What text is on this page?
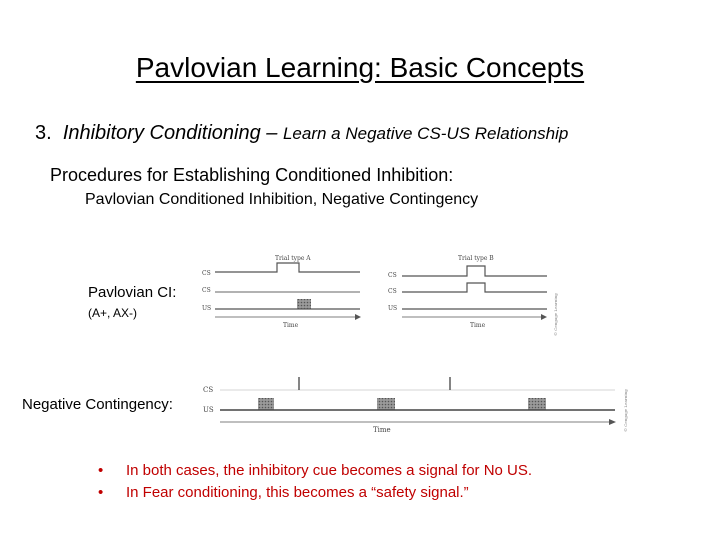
Pavlovian Learning: Basic Concepts
3. Inhibitory Conditioning – Learn a Negative CS-US Relationship
Procedures for Establishing Conditioned Inhibition:
Pavlovian Conditioned Inhibition, Negative Contingency
Pavlovian CI:
(A+, AX-)
Trial type A
CS
CS
US
Time
Trial type B
CS
CS
US
Time	© Cengage Learning
Negative Contingency:
CS
US
Time	© Cengage Learning
• In both cases, the inhibitory cue becomes a signal for No US.
• In Fear conditioning, this becomes a “safety signal.”
